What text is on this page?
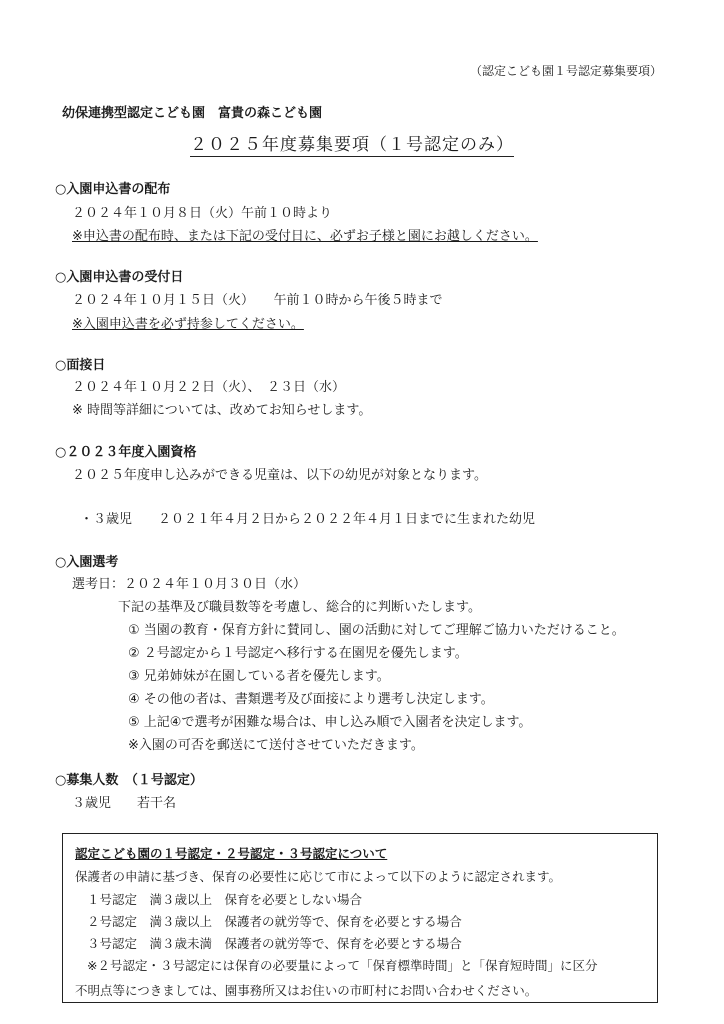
（認定こども園１号認定募集要項）
幼保連携型認定こども園　富貴の森こども園
２０２５年度募集要項（１号認定のみ）
○入園申込書の配布
２０２４年１０月８日（火）午前１０時より
※申込書の配布時、または下記の受付日に、必ずお子様と園にお越しください。
○入園申込書の受付日
２０２４年１０月１５日（火）　　午前１０時から午後５時まで
※入園申込書を必ず持参してください。
○面接日
２０２４年１０月２２日（火）、　２３日（水）
※ 時間等詳細については、改めてお知らせします。
○２０２３年度入園資格
２０２５年度申し込みができる児童は、以下の幼児が対象となります。
・３歳児　　２０２１年４月２日から２０２２年４月１日までに生まれた幼児
○入園選考
選考日：２０２４年１０月３０日（水）
下記の基準及び職員数等を考慮し、総合的に判断いたします。
① 当園の教育・保育方針に賛同し、園の活動に対してご理解ご協力いただけること。
② ２号認定から１号認定へ移行する在園児を優先します。
③ 兄弟姉妹が在園している者を優先します。
④ その他の者は、書類選考及び面接により選考し決定します。
⑤ 上記④で選考が困難な場合は、申し込み順で入園者を決定します。
※入園の可否を郵送にて送付させていただきます。
○募集人数　（１号認定）
３歳児　　若干名
認定こども園の１号認定・２号認定・３号認定について
保護者の申請に基づき、保育の必要性に応じて市によって以下のように認定されます。
１号認定　満３歳以上　保育を必要としない場合
２号認定　満３歳以上　保護者の就労等で、保育を必要とする場合
３号認定　満３歳未満　保護者の就労等で、保育を必要とする場合
※２号認定・３号認定には保育の必要量によって「保育標準時間」と「保育短時間」に区分
不明点等につきましては、園事務所又はお住いの市町村にお問い合わせください。
